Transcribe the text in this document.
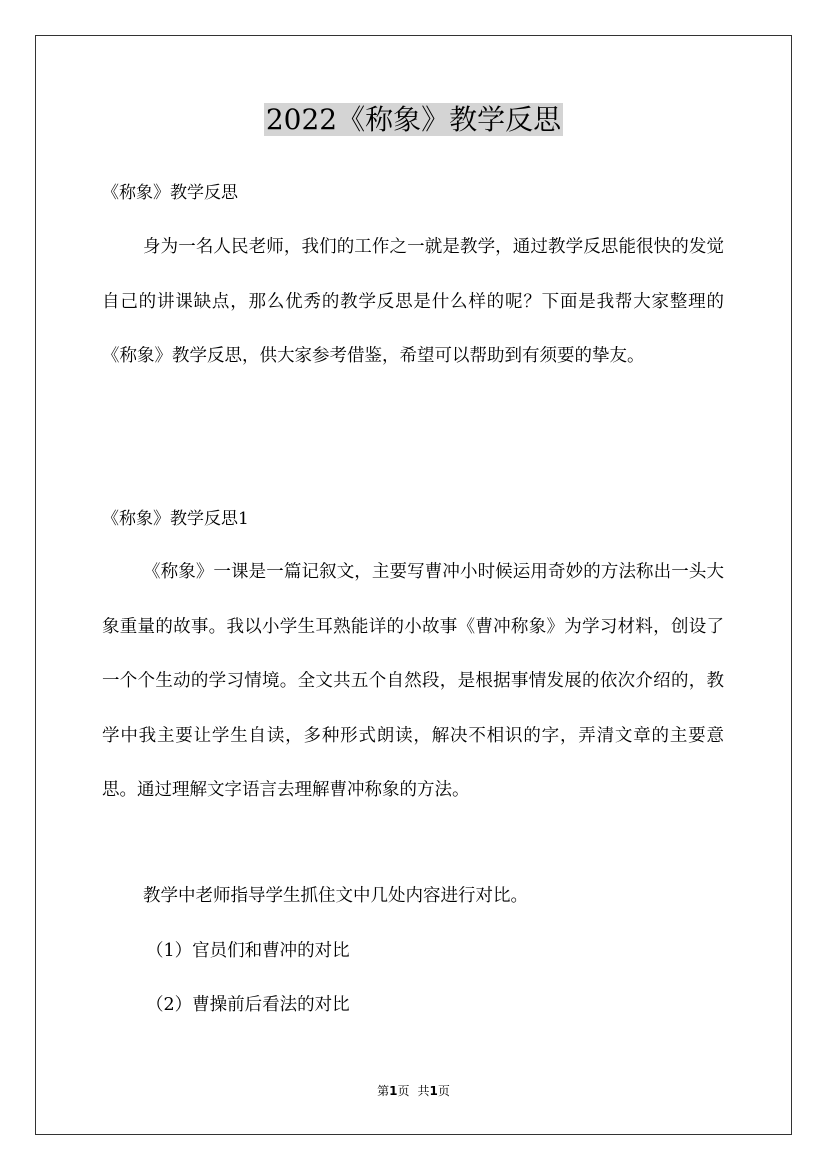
2022《称象》教学反思

《称象》教学反思

身为一名人民老师，我们的工作之一就是教学，通过教学反思能很快的发觉自己的讲课缺点，那么优秀的教学反思是什么样的呢？下面是我帮大家整理的《称象》教学反思，供大家参考借鉴，希望可以帮助到有须要的挚友。

《称象》教学反思1

《称象》一课是一篇记叙文，主要写曹冲小时候运用奇妙的方法称出一头大象重量的故事。我以小学生耳熟能详的小故事《曹冲称象》为学习材料，创设了一个个生动的学习情境。全文共五个自然段，是根据事情发展的依次介绍的，教学中我主要让学生自读，多种形式朗读，解决不相识的字，弄清文章的主要意思。通过理解文字语言去理解曹冲称象的方法。

教学中老师指导学生抓住文中几处内容进行对比。

（1）官员们和曹冲的对比

（2）曹操前后看法的对比

第1页 共1页
